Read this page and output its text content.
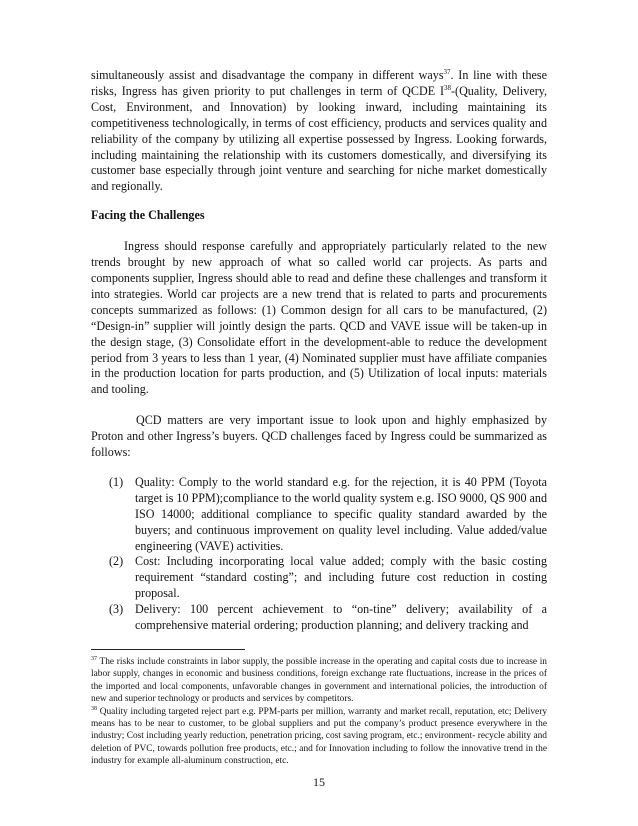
simultaneously assist and disadvantage the company in different ways$^{37}$. In line with these risks, Ingress has given priority to put challenges in term of QCDE $I^{38}-(Quality$, Delivery, Cost, Environment, and Innovation) by looking inward, including maintaining its competitiveness technologically, in terms of cost efficiency, products and services quality and reliability of the company by utilizing all expertise possessed by Ingress. Looking forwards, including maintaining the relationship with its customers domestically, and diversifying its customer base especially through joint venture and searching for niche market domestically and regionally.

Facing the Challenges

Ingress should response carefully and appropriately particularly related to the new trends brought by new approach of what so called world car projects. As parts and components supplier, Ingress should able to read and define these challenges and transform it into strategies. World car projects are a new trend that is related to parts and procurements concepts summarized as follows: (1) Common design for all cars to be manufactured, (2) “Design-in” supplier will jointly design the parts. QCD and VAVE issue will be taken-up in the design stage, (3) Consolidate effort in the development-able to reduce the development period from 3 years to less than 1 year, (4) Nominated supplier must have affiliate companies in the production location for parts production, and (5) Utilization of local inputs: materials and tooling.

QCD matters are very important issue to look upon and highly emphasized by Proton and other Ingress’s buyers. QCD challenges faced by Ingress could be summarized as follows:

(1) Quality: Comply to the world standard e.g. for the rejection, it is 40 PPM (Toyota target is 10 PPM);compliance to the world quality system e.g. ISO 9000, QS 900 and ISO 14000; additional compliance to specific quality standard awarded by the buyers; and continuous improvement on quality level including. Value added/value engineering (VAVE) activities.
(2) Cost: Including incorporating local value added; comply with the basic costing requirement “standard costing”; and including future cost reduction in costing proposal.
(3) Delivery: 100 percent achievement to “on-tine” delivery; availability of a comprehensive material ordering; production planning; and delivery tracking and
$^{37}$ The risks include constraints in labor supply, the possible increase in the operating and capital costs due to increase in labor supply, changes in economic and business conditions, foreign exchange rate fluctuations, increase in the prices of the imported and local components, unfavorable changes in government and international policies, the introduction of new and superior technology or products and services by competitors.
$^{38}$ Quality including targeted reject part e.g. PPM-parts per million, warranty and market recall, reputation, etc; Delivery means has to be near to customer, to be global suppliers and put the company’s product presence everywhere in the industry; Cost including yearly reduction, penetration pricing, cost saving program, etc.; environment- recycle ability and deletion of PVC, towards pollution free products, etc.; and for Innovation including to follow the innovative trend in the industry for example all-aluminum construction, etc.
15
